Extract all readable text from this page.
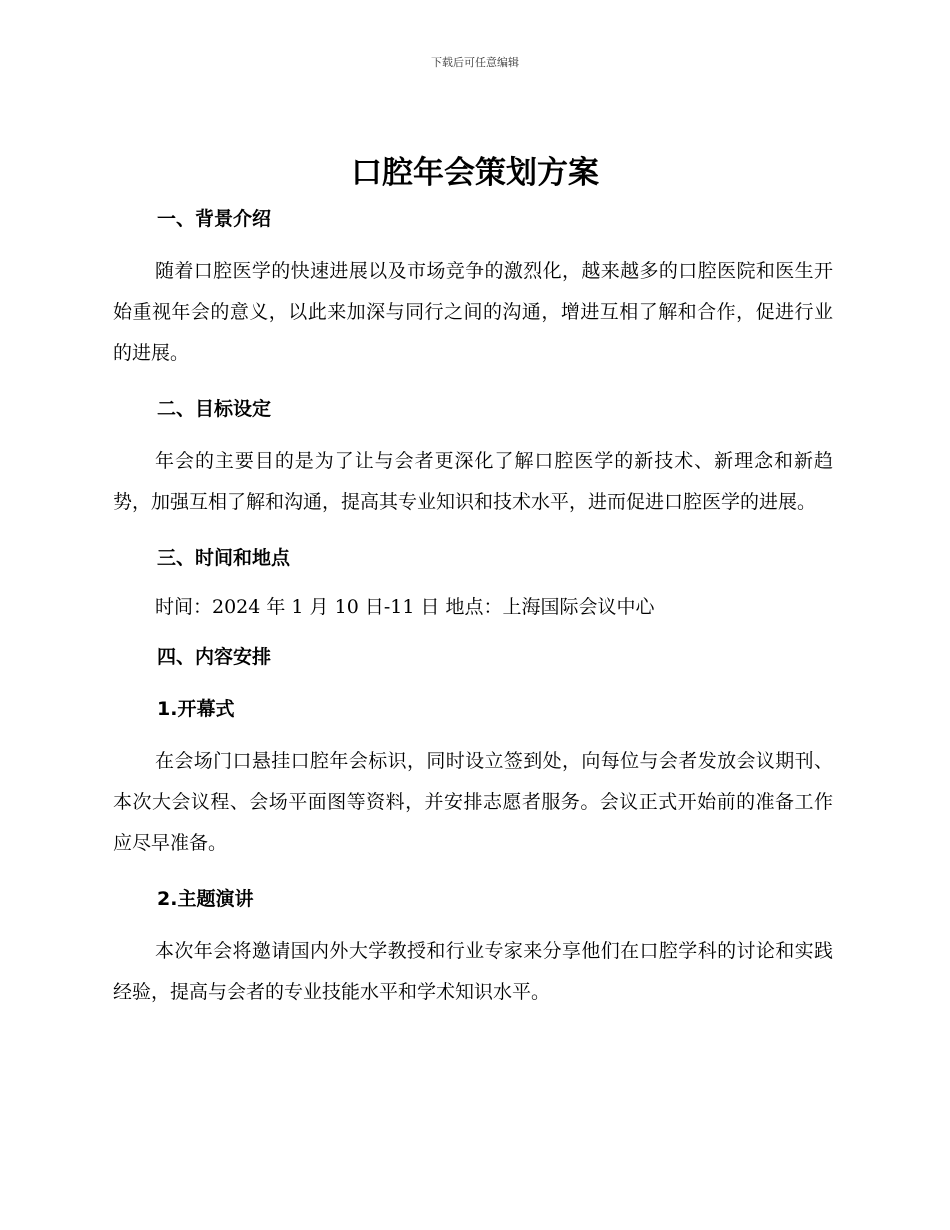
下载后可任意编辑
口腔年会策划方案
一、背景介绍

随着口腔医学的快速进展以及市场竞争的激烈化，越来越多的口腔医院和医生开始重视年会的意义，以此来加深与同行之间的沟通，增进互相了解和合作，促进行业的进展。

二、目标设定

年会的主要目的是为了让与会者更深化了解口腔医学的新技术、新理念和新趋势，加强互相了解和沟通，提高其专业知识和技术水平，进而促进口腔医学的进展。

三、时间和地点

时间：2024 年 1 月 10 日-11 日 地点：上海国际会议中心

四、内容安排
1.开幕式

在会场门口悬挂口腔年会标识，同时设立签到处，向每位与会者发放会议期刊、本次大会议程、会场平面图等资料，并安排志愿者服务。会议正式开始前的准备工作应尽早准备。

2.主题演讲

本次年会将邀请国内外大学教授和行业专家来分享他们在口腔学科的讨论和实践经验，提高与会者的专业技能水平和学术知识水平。
